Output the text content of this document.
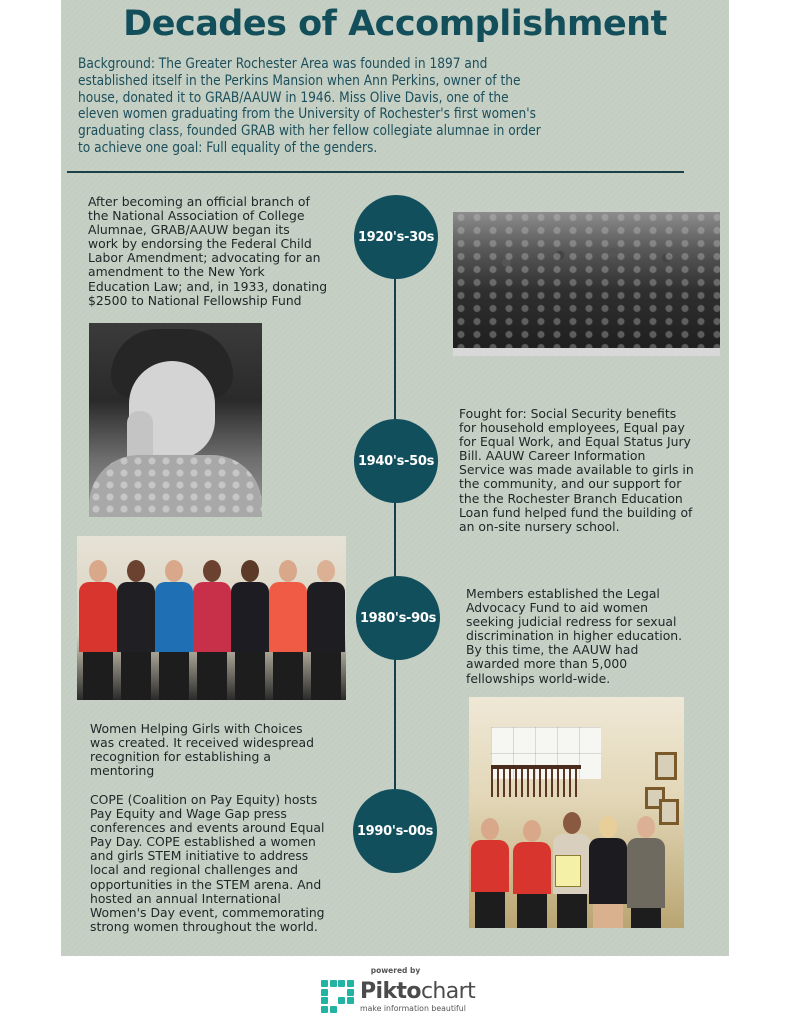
Decades of Accomplishment
Background: The Greater Rochester Area was founded in 1897 and
established itself in the Perkins Mansion when Ann Perkins, owner of the
house, donated it to GRAB/AAUW in 1946. Miss Olive Davis, one of the
eleven women graduating from the University of Rochester's first women's
graduating class, founded GRAB with her fellow collegiate alumnae in order
to achieve one goal: Full equality of the genders.
After becoming an official branch of
the National Association of College
Alumnae, GRAB/AAUW began its
work by endorsing the Federal Child
Labor Amendment; advocating for an
amendment to the New York
Education Law; and, in 1933, donating
$2500 to National Fellowship Fund
1920's-30s
1940's-50s
Fought for: Social Security benefits
for household employees, Equal pay
for Equal Work, and Equal Status Jury
Bill. AAUW Career Information
Service was made available to girls in
the community, and our support for
the the Rochester Branch Education
Loan fund helped fund the building of
an on-site nursery school.
1980's-90s
Members established the Legal
Advocacy Fund to aid women
seeking judicial redress for sexual
discrimination in higher education.
By this time, the AAUW had
awarded more than 5,000
fellowships world-wide.
Women Helping Girls with Choices
was created. It received widespread
recognition for establishing a
mentoring
COPE (Coalition on Pay Equity) hosts
Pay Equity and Wage Gap press
conferences and events around Equal
Pay Day. COPE established a women
and girls STEM initiative to address
local and regional challenges and
opportunities in the STEM arena. And
hosted an annual International
Women's Day event, commemorating
strong women throughout the world.
1990's-00s
powered by
Piktochart
make information beautiful
